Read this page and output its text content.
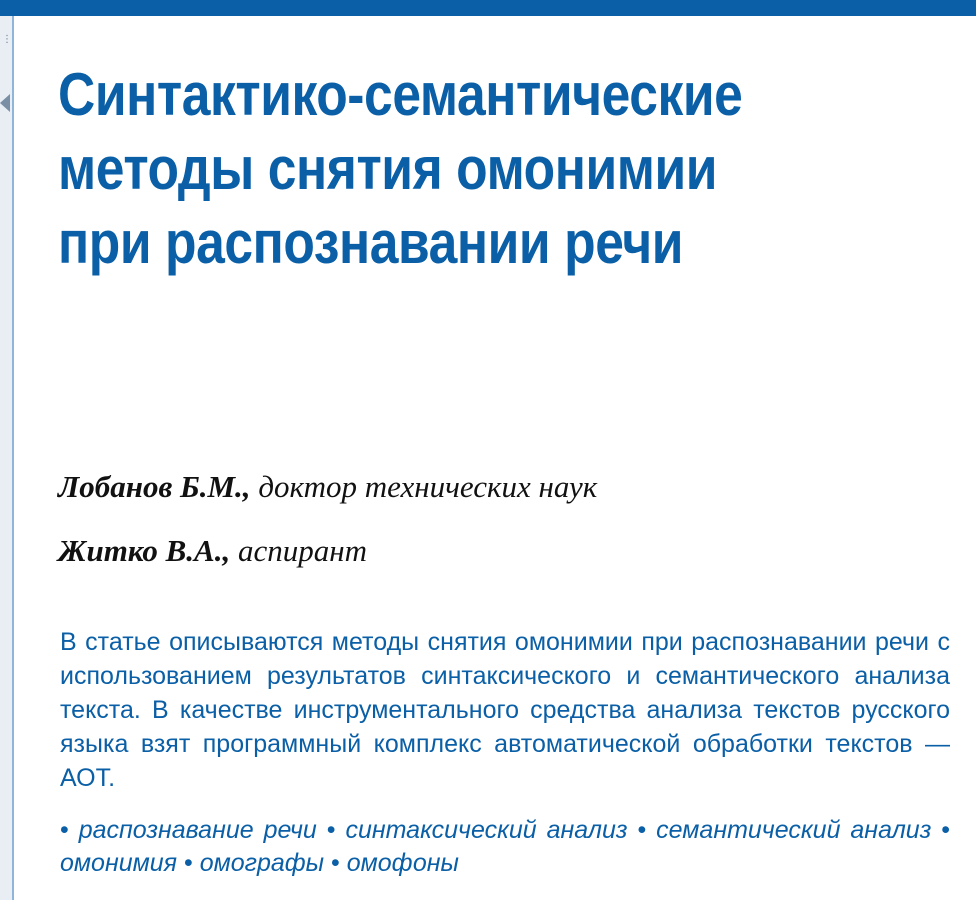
⋮
Синтактико-семантические
методы снятия омонимии
при распознавании речи
Лобанов Б.М., доктор технических наук
Житко В.А., аспирант

В статье описываются методы снятия омонимии при распознавании речи с использованием результатов синтаксического и семантического анализа текста. В качестве инструментального средства анализа текстов русского языка взят программный комплекс автоматической обработки текстов — АОТ.

• распознавание речи • синтаксический анализ • семантический анализ • омонимия • омографы • омофоны
